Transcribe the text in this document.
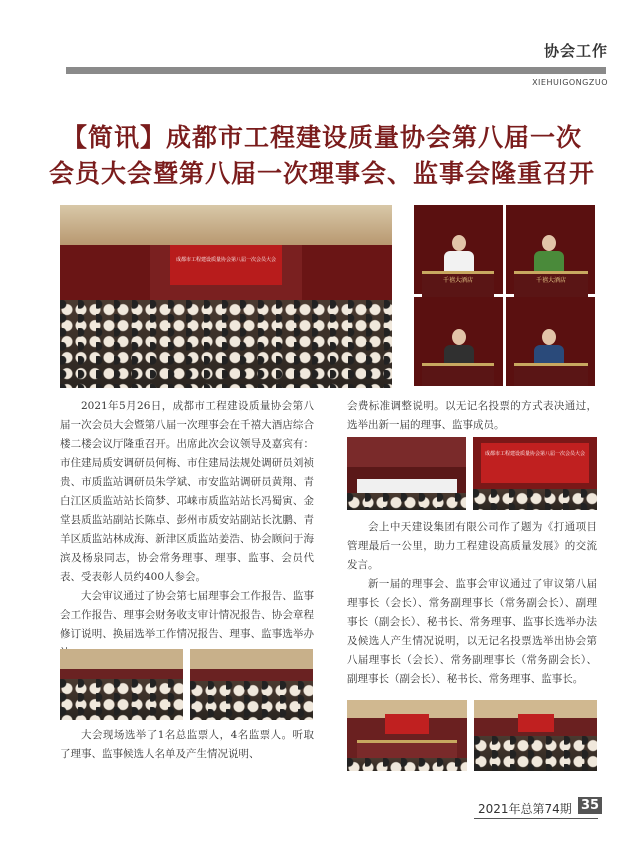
协会工作
XIEHUIGONGZUO
【简讯】成都市工程建设质量协会第八届一次
会员大会暨第八届一次理事会、监事会隆重召开
成都市工程建设质量协会第八届一次会员大会
千禧大酒店	千禧大酒店

2021年5月26日，成都市工程建设质量协会第八届一次会员大会暨第八届一次理事会在千禧大酒店综合楼二楼会议厅隆重召开。出席此次会议领导及嘉宾有：市住建局质安调研员何梅、市住建局法规处调研员刘祯贵、市质监站调研员朱学斌、市安监站调研员黄翔、青白江区质监站站长筒梦、邛崃市质监站站长冯蜀寅、金堂县质监站副站长陈卓、彭州市质安站副站长沈鹏、青羊区质监站林成海、新津区质监站姜浩、协会顾问于海滨及杨泉同志，协会常务理事、理事、监事、会员代表、受表彰人员约400人参会。

大会审议通过了协会第七届理事会工作报告、监事会工作报告、理事会财务收支审计情况报告、协会章程修订说明、换届选举工作情况报告、理事、监事选举办

大会现场选举了1名总监票人，4名监票人。听取了理事、监事候选人名单及产生情况说明、

会费标准调整说明。以无记名投票的方式表决通过，选举出新一届的理事、监事成员。

成都市工程建设质量协会第八届一次会员大会

会上中天建设集团有限公司作了题为《打通项目管理最后一公里，助力工程建设高质量发展》的交流发言。

新一届的理事会、监事会审议通过了审议第八届理事长（会长）、常务副理事长（常务副会长）、副理事长（副会长）、秘书长、常务理事、监事长选举办法及候选人产生情况说明，以无记名投票选举出协会第八届理事长（会长）、常务副理事长（常务副会长）、副理事长（副会长）、秘书长、常务理事、监事长。

2021年总第74期 35
